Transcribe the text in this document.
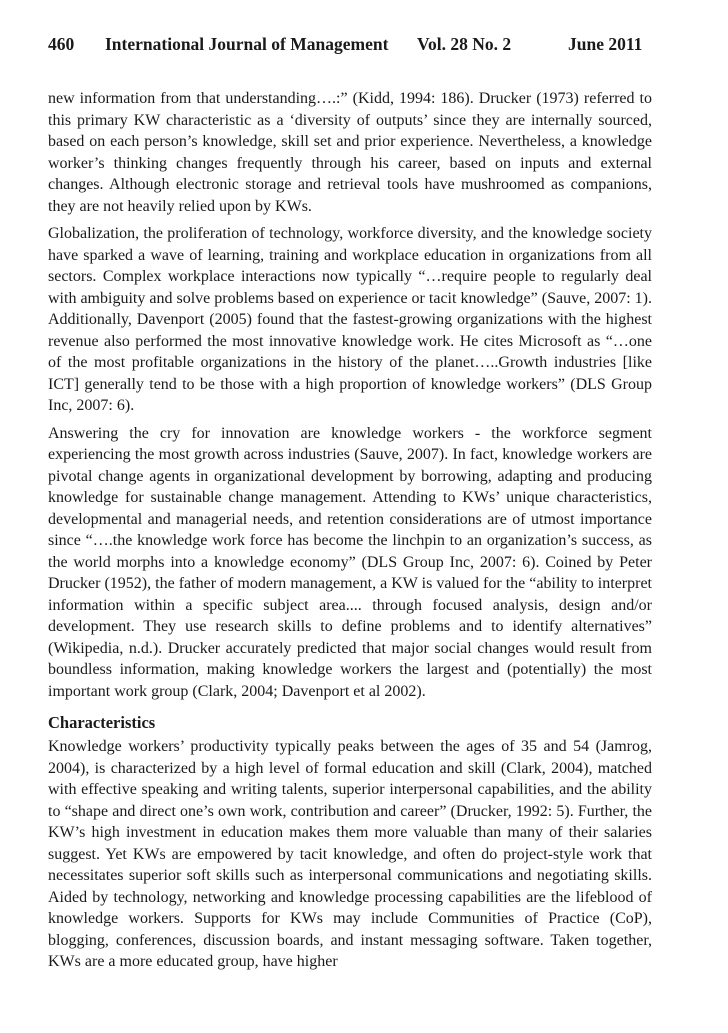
460 International Journal of Management Vol. 28 No. 2	June 2011

new information from that understanding….:” (Kidd, 1994: 186). Drucker (1973) referred to this primary KW characteristic as a ‘diversity of outputs’ since they are internally sourced, based on each person’s knowledge, skill set and prior experience. Nevertheless, a knowledge worker’s thinking changes frequently through his career, based on inputs and external changes. Although electronic storage and retrieval tools have mushroomed as companions, they are not heavily relied upon by KWs.

Globalization, the proliferation of technology, workforce diversity, and the knowledge society have sparked a wave of learning, training and workplace education in organizations from all sectors. Complex workplace interactions now typically “…require people to regularly deal with ambiguity and solve problems based on experience or tacit knowledge” (Sauve, 2007: 1). Additionally, Davenport (2005) found that the fastest-growing organizations with the highest revenue also performed the most innovative knowledge work. He cites Microsoft as “…one of the most profitable organizations in the history of the planet…..Growth industries [like ICT] generally tend to be those with a high proportion of knowledge workers” (DLS Group Inc, 2007: 6).

Answering the cry for innovation are knowledge workers - the workforce segment experiencing the most growth across industries (Sauve, 2007). In fact, knowledge workers are pivotal change agents in organizational development by borrowing, adapting and producing knowledge for sustainable change management. Attending to KWs’ unique characteristics, developmental and managerial needs, and retention considerations are of utmost importance since “….the knowledge work force has become the linchpin to an organization’s success, as the world morphs into a knowledge economy” (DLS Group Inc, 2007: 6). Coined by Peter Drucker (1952), the father of modern management, a KW is valued for the “ability to interpret information within a specific subject area.... through focused analysis, design and/or development. They use research skills to define problems and to identify alternatives” (Wikipedia, n.d.). Drucker accurately predicted that major social changes would result from boundless information, making knowledge workers the largest and (potentially) the most important work group (Clark, 2004; Davenport et al 2002).

Characteristics

Knowledge workers’ productivity typically peaks between the ages of 35 and 54 (Jamrog, 2004), is characterized by a high level of formal education and skill (Clark, 2004), matched with effective speaking and writing talents, superior interpersonal capabilities, and the ability to “shape and direct one’s own work, contribution and career” (Drucker, 1992: 5). Further, the KW’s high investment in education makes them more valuable than many of their salaries suggest. Yet KWs are empowered by tacit knowledge, and often do project-style work that necessitates superior soft skills such as interpersonal communications and negotiating skills. Aided by technology, networking and knowledge processing capabilities are the lifeblood of knowledge workers. Supports for KWs may include Communities of Practice (CoP), blogging, conferences, discussion boards, and instant messaging software. Taken together, KWs are a more educated group, have higher
